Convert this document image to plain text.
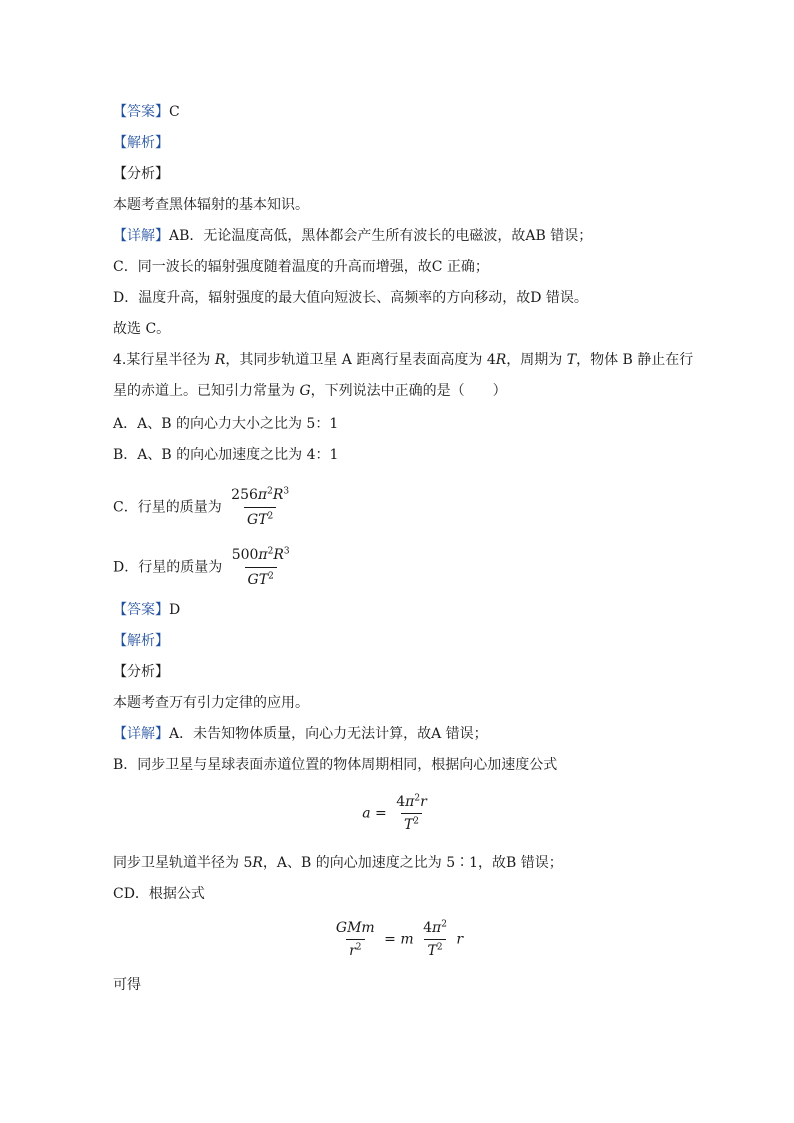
【答案】C
【解析】
【分析】
本题考查黑体辐射的基本知识。
【详解】AB．无论温度高低，黑体都会产生所有波长的电磁波，故AB 错误；
C．同一波长的辐射强度随着温度的升高而增强，故C 正确；
D．温度升高，辐射强度的最大值向短波长、高频率的方向移动，故D 错误。
故选 C。
4.某行星半径为 R，其同步轨道卫星 A 距离行星表面高度为 4R，周期为 T，物体 B 静止在行
星的赤道上。已知引力常量为 G，下列说法中正确的是（　　）
A．A、B 的向心力大小之比为 5：1
B．A、B 的向心加速度之比为 4：1
C．行星的质量为 $\frac{256\pi^2R^3}{GT^2}$
D．行星的质量为 $\frac{500\pi^2R^3}{GT^2}$
【答案】D
【解析】
【分析】
本题考查万有引力定律的应用。
【详解】A．未告知物体质量，向心力无法计算，故A 错误；
B．同步卫星与星球表面赤道位置的物体周期相同，根据向心加速度公式
$a = \frac{4\pi^2r}{T^2}$
同步卫星轨道半径为 5R，A、B 的向心加速度之比为 5∶1，故B 错误；
CD．根据公式
$\frac{\text{GMm}}{r^2} = m \frac{4\pi^2}{T^2}$ r
可得
